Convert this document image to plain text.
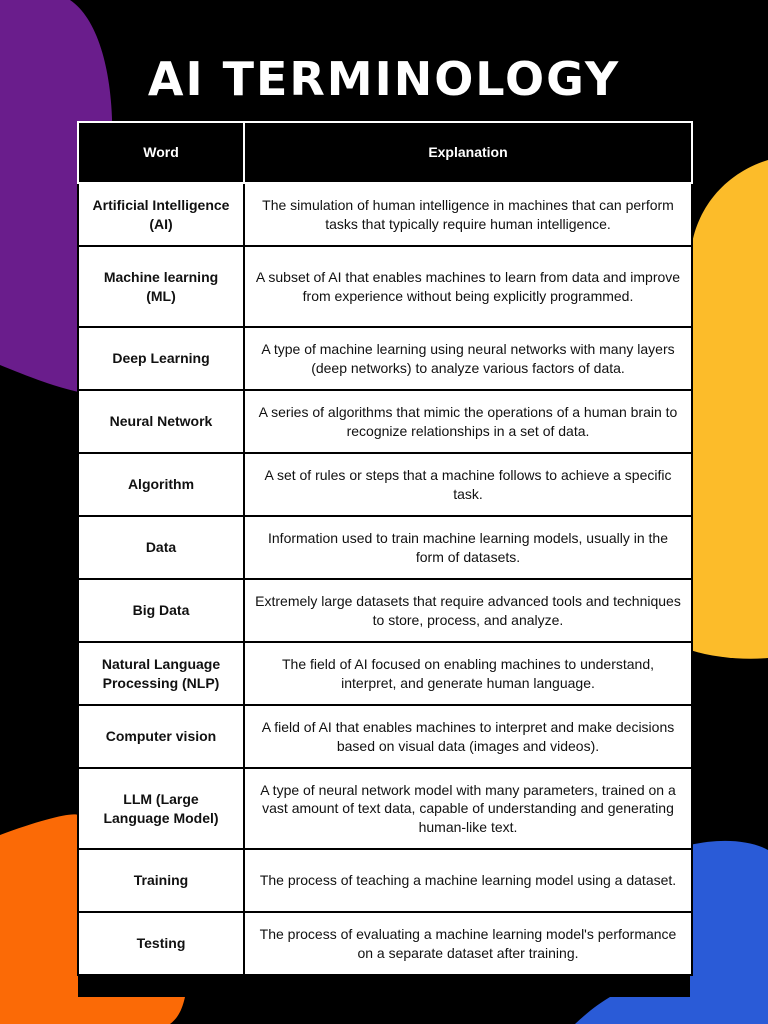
AI TERMINOLOGY
Word	Explanation
Artificial Intelligence (AI)	The simulation of human intelligence in machines that can perform tasks that typically require human intelligence.
Machine learning (ML)	A subset of AI that enables machines to learn from data and improve from experience without being explicitly programmed.
Deep Learning	A type of machine learning using neural networks with many layers (deep networks) to analyze various factors of data.
Neural Network	A series of algorithms that mimic the operations of a human brain to recognize relationships in a set of data.
Algorithm	A set of rules or steps that a machine follows to achieve a specific task.
Data	Information used to train machine learning models, usually in the form of datasets.
Big Data	Extremely large datasets that require advanced tools and techniques to store, process, and analyze.
Natural Language Processing (NLP)	The field of AI focused on enabling machines to understand, interpret, and generate human language.
Computer vision	A field of AI that enables machines to interpret and make decisions based on visual data (images and videos).
LLM (Large Language Model)	A type of neural network model with many parameters, trained on a vast amount of text data, capable of understanding and generating human-like text.
Training	The process of teaching a machine learning model using a dataset.
Testing	The process of evaluating a machine learning model's performance on a separate dataset after training.
